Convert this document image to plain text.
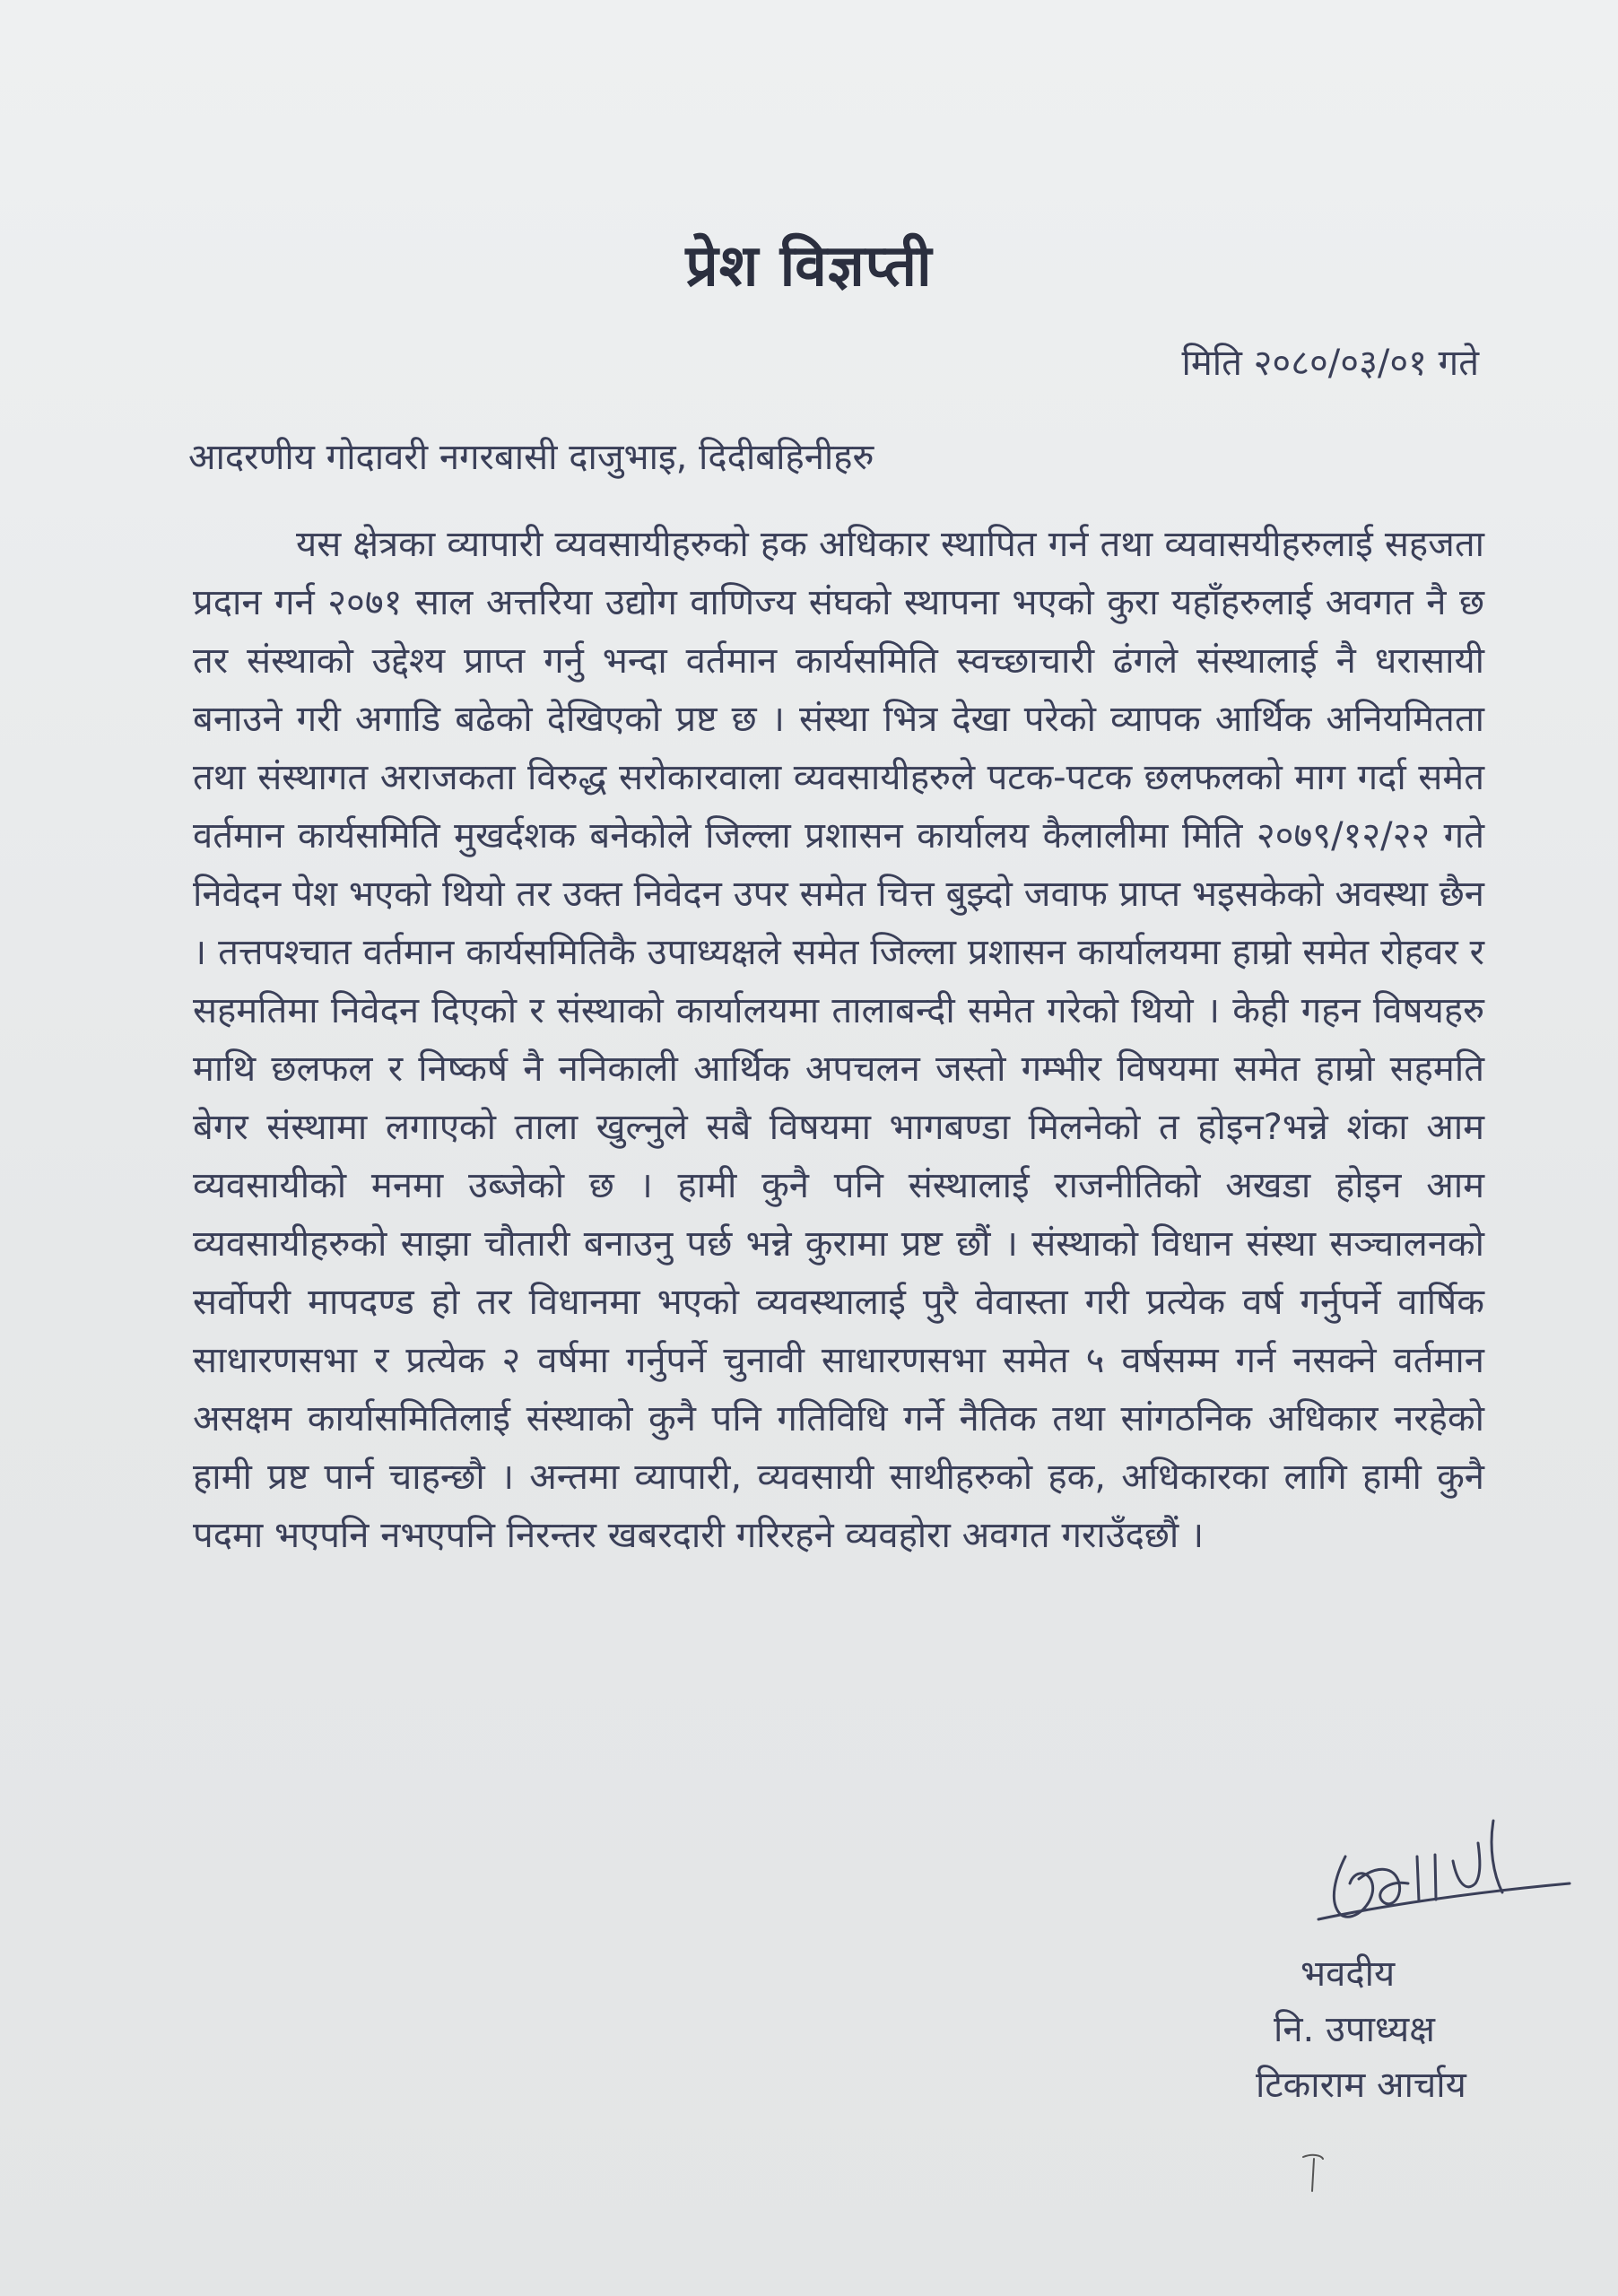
प्रेश विज्ञप्ती
मिति २०८०/०३/०१ गते
आदरणीय गोदावरी नगरबासी दाजुभाइ, दिदीबहिनीहरु

यस क्षेत्रका व्यापारी व्यवसायीहरुको हक अधिकार स्थापित गर्न तथा व्यवासयीहरुलाई सहजता प्रदान गर्न २०७१ साल अत्तरिया उद्योग वाणिज्य संघको स्थापना भएको कुरा यहाँहरुलाई अवगत नै छ तर संस्थाको उद्देश्य प्राप्त गर्नु भन्दा वर्तमान कार्यसमिति स्वच्छाचारी ढंगले संस्थालाई नै धरासायी बनाउने गरी अगाडि बढेको देखिएको प्रष्ट छ । संस्था भित्र देखा परेको व्यापक आर्थिक अनियमितता तथा संस्थागत अराजकता विरुद्ध सरोकारवाला व्यवसायीहरुले पटक-पटक छलफलको माग गर्दा समेत वर्तमान कार्यसमिति मुखर्दशक बनेकोले जिल्ला प्रशासन कार्यालय कैलालीमा मिति २०७९/१२/२२ गते निवेदन पेश भएको थियो तर उक्त निवेदन उपर समेत चित्त बुझ्दो जवाफ प्राप्त भइसकेको अवस्था छैन । तत्तपश्चात वर्तमान कार्यसमितिकै उपाध्यक्षले समेत जिल्ला प्रशासन कार्यालयमा हाम्रो समेत रोहवर र सहमतिमा निवेदन दिएको र संस्थाको कार्यालयमा तालाबन्दी समेत गरेको थियो । केही गहन विषयहरु माथि छलफल र निष्कर्ष नै ननिकाली आर्थिक अपचलन जस्तो गम्भीर विषयमा समेत हाम्रो सहमति बेगर संस्थामा लगाएको ताला खुल्नुले सबै विषयमा भागबण्डा मिलनेको त होइन?भन्ने शंका आम व्यवसायीको मनमा उब्जेको छ । हामी कुनै पनि संस्थालाई राजनीतिको अखडा होइन आम व्यवसायीहरुको साझा चौतारी बनाउनु पर्छ भन्ने कुरामा प्रष्ट छौं । संस्थाको विधान संस्था सञ्चालनको सर्वोपरी मापदण्ड हो तर विधानमा भएको व्यवस्थालाई पुरै वेवास्ता गरी प्रत्येक वर्ष गर्नुपर्ने वार्षिक साधारणसभा र प्रत्येक २ वर्षमा गर्नुपर्ने चुनावी साधारणसभा समेत ५ वर्षसम्म गर्न नसक्ने वर्तमान असक्षम कार्यासमितिलाई संस्थाको कुनै पनि गतिविधि गर्ने नैतिक तथा सांगठनिक अधिकार नरहेको हामी प्रष्ट पार्न चाहन्छौ । अन्तमा व्यापारी, व्यवसायी साथीहरुको हक, अधिकारका लागि हामी कुनै पदमा भएपनि नभएपनि निरन्तर खबरदारी गरिरहने व्यवहोरा अवगत गराउँदछौं ।

भवदीय
नि. उपाध्यक्ष
टिकाराम आर्चाय
